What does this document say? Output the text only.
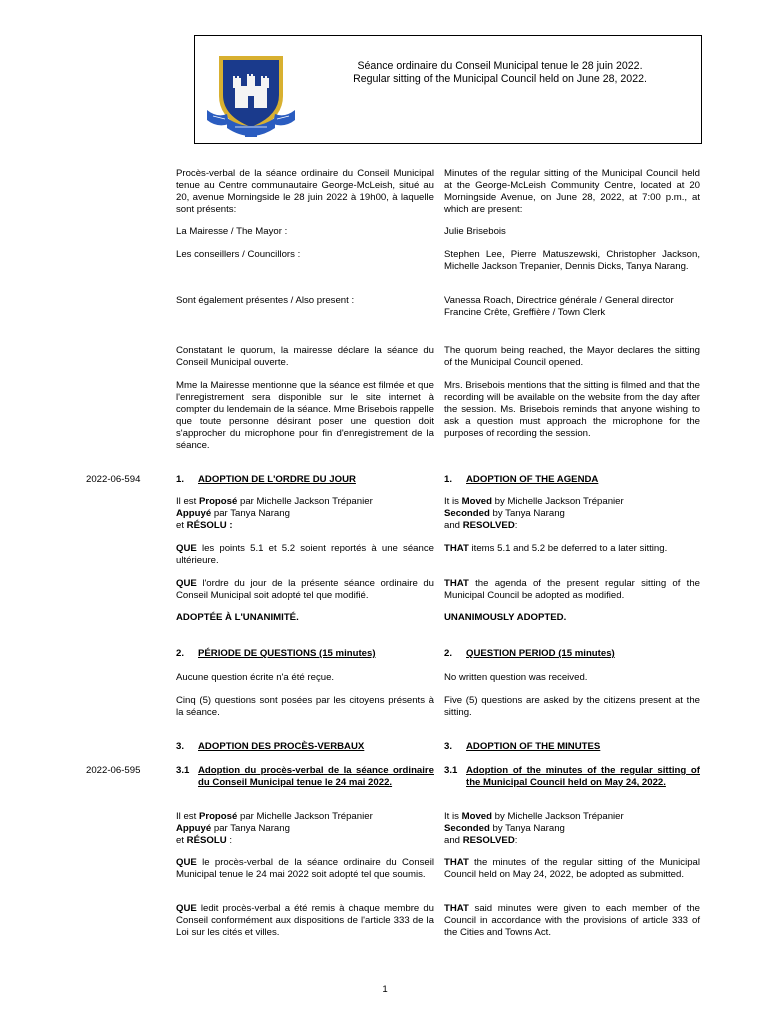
Séance ordinaire du Conseil Municipal tenue le 28 juin 2022.
Regular sitting of the Municipal Council held on June 28, 2022.
Procès-verbal de la séance ordinaire du Conseil Municipal tenue au Centre communautaire George-McLeish, situé au 20, avenue Morningside le 28 juin 2022 à 19h00, à laquelle sont présents:
Minutes of the regular sitting of the Municipal Council held at the George-McLeish Community Centre, located at 20 Morningside Avenue, on June 28, 2022, at 7:00 p.m., at which are present:
La Mairesse / The Mayor :	Julie Brisebois
Les conseillers / Councillors :	Stephen Lee, Pierre Matuszewski, Christopher Jackson, Michelle Jackson Trepanier, Dennis Dicks, Tanya Narang.
Sont également présentes / Also present :	Vanessa Roach, Directrice générale / General director
Francine Crête, Greffière / Town Clerk
Constatant le quorum, la mairesse déclare la séance du Conseil Municipal ouverte.
The quorum being reached, the Mayor declares the sitting of the Municipal Council opened.
Mme la Mairesse mentionne que la séance est filmée et que l'enregistrement sera disponible sur le site internet à compter du lendemain de la séance. Mme Brisebois rappelle que toute personne désirant poser une question doit s'approcher du microphone pour fin d'enregistrement de la séance.
Mrs. Brisebois mentions that the sitting is filmed and that the recording will be available on the website from the day after the session. Ms. Brisebois reminds that anyone wishing to ask a question must approach the microphone for the purposes of recording the session.
2022-06-594	1. ADOPTION DE L'ORDRE DU JOUR	1. ADOPTION OF THE AGENDA
Il est Proposé par Michelle Jackson Trépanier
Appuyé par Tanya Narang
et RÉSOLU :
It is Moved by Michelle Jackson Trépanier
Seconded by Tanya Narang
and RESOLVED:
QUE les points 5.1 et 5.2 soient reportés à une séance ultérieure.
THAT items 5.1 and 5.2 be deferred to a later sitting.
QUE l'ordre du jour de la présente séance ordinaire du Conseil Municipal soit adopté tel que modifié.
THAT the agenda of the present regular sitting of the Municipal Council be adopted as modified.
ADOPTÉE À L'UNANIMITÉ.	UNANIMOUSLY ADOPTED.
2. PÉRIODE DE QUESTIONS (15 minutes)	2. QUESTION PERIOD (15 minutes)
Aucune question écrite n'a été reçue.	No written question was received.
Cinq (5) questions sont posées par les citoyens présents à la séance.
Five (5) questions are asked by the citizens present at the sitting.
3. ADOPTION DES PROCÈS-VERBAUX	3. ADOPTION OF THE MINUTES
2022-06-595	3.1 Adoption du procès-verbal de la séance ordinaire du Conseil Municipal tenue le 24 mai 2022.
3.1 Adoption of the minutes of the regular sitting of the Municipal Council held on May 24, 2022.
Il est Proposé par Michelle Jackson Trépanier
Appuyé par Tanya Narang
et RÉSOLU :
It is Moved by Michelle Jackson Trépanier
Seconded by Tanya Narang
and RESOLVED:
QUE le procès-verbal de la séance ordinaire du Conseil Municipal tenue le 24 mai 2022 soit adopté tel que soumis.
THAT the minutes of the regular sitting of the Municipal Council held on May 24, 2022, be adopted as submitted.
QUE ledit procès-verbal a été remis à chaque membre du Conseil conformément aux dispositions de l'article 333 de la Loi sur les cités et villes.
THAT said minutes were given to each member of the Council in accordance with the provisions of article 333 of the Cities and Towns Act.
1
